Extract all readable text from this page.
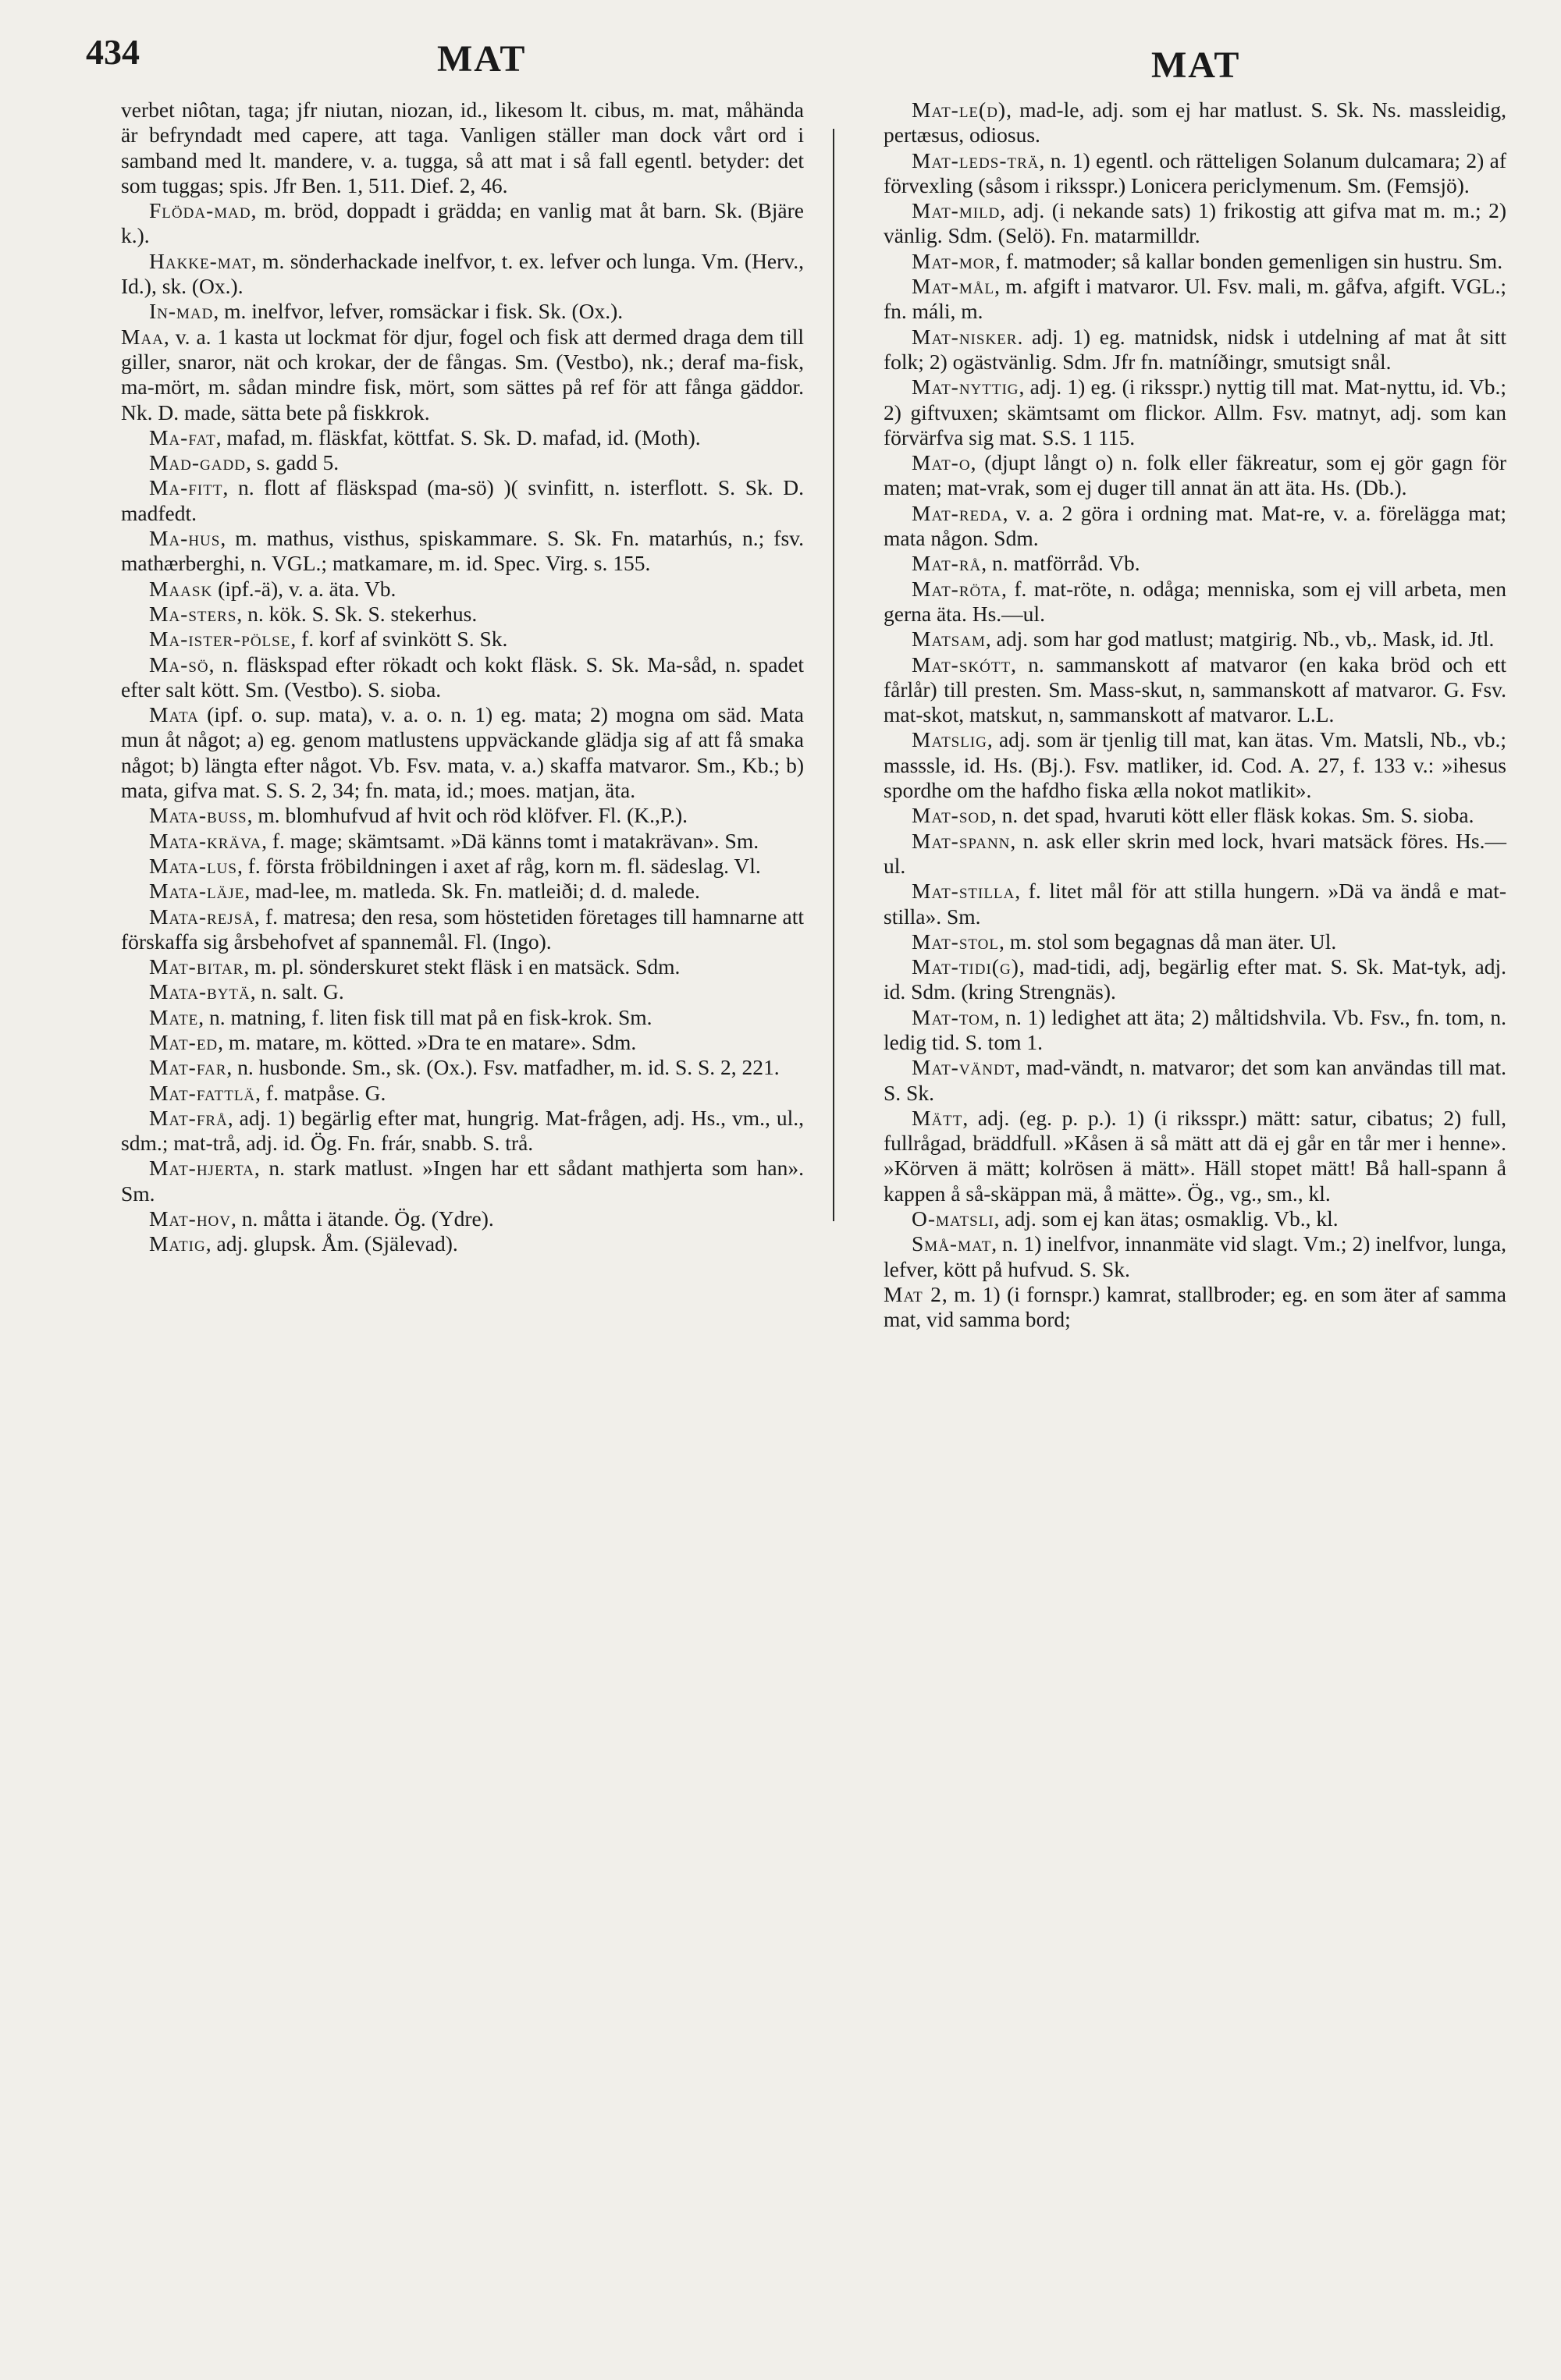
434	MAT	MAT

verbet niôtan, taga; jfr niutan, niozan, id., likesom lt. cibus, m. mat, måhända är befryndadt med capere, att taga. Vanligen ställer man dock vårt ord i samband med lt. mandere, v. a. tugga, så att mat i så fall egentl. betyder: det som tuggas; spis. Jfr Ben. 1, 511. Dief. 2, 46.

Flöda-mad, m. bröd, doppadt i grädda; en vanlig mat åt barn. Sk. (Bjäre k.).

Hakke-mat, m. sönderhackade inelfvor, t. ex. lefver och lunga. Vm. (Herv., Id.), sk. (Ox.).

In-mad, m. inelfvor, lefver, romsäckar i fisk. Sk. (Ox.).

Maa, v. a. 1 kasta ut lockmat för djur, fogel och fisk att dermed draga dem till giller, snaror, nät och krokar, der de fångas. Sm. (Vestbo), nk.; deraf ma-fisk, ma-mört, m. sådan mindre fisk, mört, som sättes på ref för att fånga gäddor. Nk. D. made, sätta bete på fiskkrok.

Ma-fat, mafad, m. fläskfat, köttfat. S. Sk. D. mafad, id. (Moth).

Mad-gadd, s. gadd 5.

Ma-fitt, n. flott af fläskspad (ma-sö) )( svinfitt, n. isterflott. S. Sk. D. madfedt.

Ma-hus, m. mathus, visthus, spiskammare. S. Sk. Fn. matarhús, n.; fsv. mathærberghi, n. VGL.; matkamare, m. id. Spec. Virg. s. 155.

Maask (ipf.-ä), v. a. äta. Vb.

Ma-sters, n. kök. S. Sk. S. stekerhus.

Ma-ister-pölse, f. korf af svinkött S. Sk.

Ma-sö, n. fläskspad efter rökadt och kokt fläsk. S. Sk. Ma-såd, n. spadet efter salt kött. Sm. (Vestbo). S. sioba.

Mata (ipf. o. sup. mata), v. a. o. n. 1) eg. mata; 2) mogna om säd. Mata mun åt något; a) eg. genom matlustens uppväckande glädja sig af att få smaka något; b) längta efter något. Vb. Fsv. mata, v. a.) skaffa matvaror. Sm., Kb.; b) mata, gifva mat. S. S. 2, 34; fn. mata, id.; moes. matjan, äta.

Mata-buss, m. blomhufvud af hvit och röd klöfver. Fl. (K.,P.).

Mata-kräva, f. mage; skämtsamt. »Dä känns tomt i matakrävan». Sm.

Mata-lus, f. första fröbildningen i axet af råg, korn m. fl. sädeslag. Vl.

Mata-läje, mad-lee, m. matleda. Sk. Fn. matleiði; d. d. malede.

Mata-rejså, f. matresa; den resa, som höstetiden företages till hamnarne att förskaffa sig årsbehofvet af spannemål. Fl. (Ingo).

Mat-bitar, m. pl. sönderskuret stekt fläsk i en matsäck. Sdm.

Mata-bytä, n. salt. G.

Mate, n. matning, f. liten fisk till mat på en fisk-krok. Sm.

Mat-ed, m. matare, m. kötted. »Dra te en matare». Sdm.

Mat-far, n. husbonde. Sm., sk. (Ox.). Fsv. matfadher, m. id. S. S. 2, 221.

Mat-fattlä, f. matpåse. G.

Mat-frå, adj. 1) begärlig efter mat, hungrig. Mat-frågen, adj. Hs., vm., ul., sdm.; mat-trå, adj. id. Ög. Fn. frár, snabb. S. trå.

Mat-hjerta, n. stark matlust. »Ingen har ett sådant mathjerta som han». Sm.

Mat-hov, n. måtta i ätande. Ög. (Ydre).

Matig, adj. glupsk. Åm. (Själevad).

Mat-le(d), mad-le, adj. som ej har matlust. S. Sk. Ns. massleidig, pertæsus, odiosus.

Mat-leds-trä, n. 1) egentl. och rätteligen Solanum dulcamara; 2) af förvexling (såsom i riksspr.) Lonicera periclymenum. Sm. (Femsjö).

Mat-mild, adj. (i nekande sats) 1) frikostig att gifva mat m. m.; 2) vänlig. Sdm. (Selö). Fn. matarmilldr.

Mat-mor, f. matmoder; så kallar bonden gemenligen sin hustru. Sm.

Mat-mål, m. afgift i matvaror. Ul. Fsv. mali, m. gåfva, afgift. VGL.; fn. máli, m.

Mat-nisker. adj. 1) eg. matnidsk, nidsk i utdelning af mat åt sitt folk; 2) ogästvänlig. Sdm. Jfr fn. matníðingr, smutsigt snål.

Mat-nyttig, adj. 1) eg. (i riksspr.) nyttig till mat. Mat-nyttu, id. Vb.; 2) giftvuxen; skämtsamt om flickor. Allm. Fsv. matnyt, adj. som kan förvärfva sig mat. S.S. 1 115.

Mat-o, (djupt långt o) n. folk eller fäkreatur, som ej gör gagn för maten; mat-vrak, som ej duger till annat än att äta. Hs. (Db.).

Mat-reda, v. a. 2 göra i ordning mat. Mat-re, v. a. förelägga mat; mata någon. Sdm.

Mat-rå, n. matförråd. Vb.

Mat-röta, f. mat-röte, n. odåga; menniska, som ej vill arbeta, men gerna äta. Hs.—ul.

Matsam, adj. som har god matlust; matgirig. Nb., vb,. Mask, id. Jtl.

Mat-skótt, n. sammanskott af matvaror (en kaka bröd och ett fårlår) till presten. Sm. Mass-skut, n, sammanskott af matvaror. G. Fsv. mat-skot, matskut, n, sammanskott af matvaror. L.L.

Matslig, adj. som är tjenlig till mat, kan ätas. Vm. Matsli, Nb., vb.; masssle, id. Hs. (Bj.). Fsv. matliker, id. Cod. A. 27, f. 133 v.: »ihesus spordhe om the hafdho fiska ælla nokot matlikit».

Mat-sod, n. det spad, hvaruti kött eller fläsk kokas. Sm. S. sioba.

Mat-spann, n. ask eller skrin med lock, hvari matsäck föres. Hs.—ul.

Mat-stilla, f. litet mål för att stilla hungern. »Dä va ändå e mat-stilla». Sm.

Mat-stol, m. stol som begagnas då man äter. Ul.

Mat-tidi(g), mad-tidi, adj, begärlig efter mat. S. Sk. Mat-tyk, adj. id. Sdm. (kring Strengnäs).

Mat-tom, n. 1) ledighet att äta; 2) måltidshvila. Vb. Fsv., fn. tom, n. ledig tid. S. tom 1.

Mat-vändt, mad-vändt, n. matvaror; det som kan användas till mat. S. Sk.

Mätt, adj. (eg. p. p.). 1) (i riksspr.) mätt: satur, cibatus; 2) full, fullrågad, bräddfull. »Kåsen ä så mätt att dä ej går en tår mer i henne». »Körven ä mätt; kolrösen ä mätt». Häll stopet mätt! Bå hall-spann å kappen å så-skäppan mä, å mätte». Ög., vg., sm., kl.

O-matsli, adj. som ej kan ätas; osmaklig. Vb., kl.

Små-mat, n. 1) inelfvor, innanmäte vid slagt. Vm.; 2) inelfvor, lunga, lefver, kött på hufvud. S. Sk.

Mat 2, m. 1) (i fornspr.) kamrat, stallbroder; eg. en som äter af samma mat, vid samma bord;
